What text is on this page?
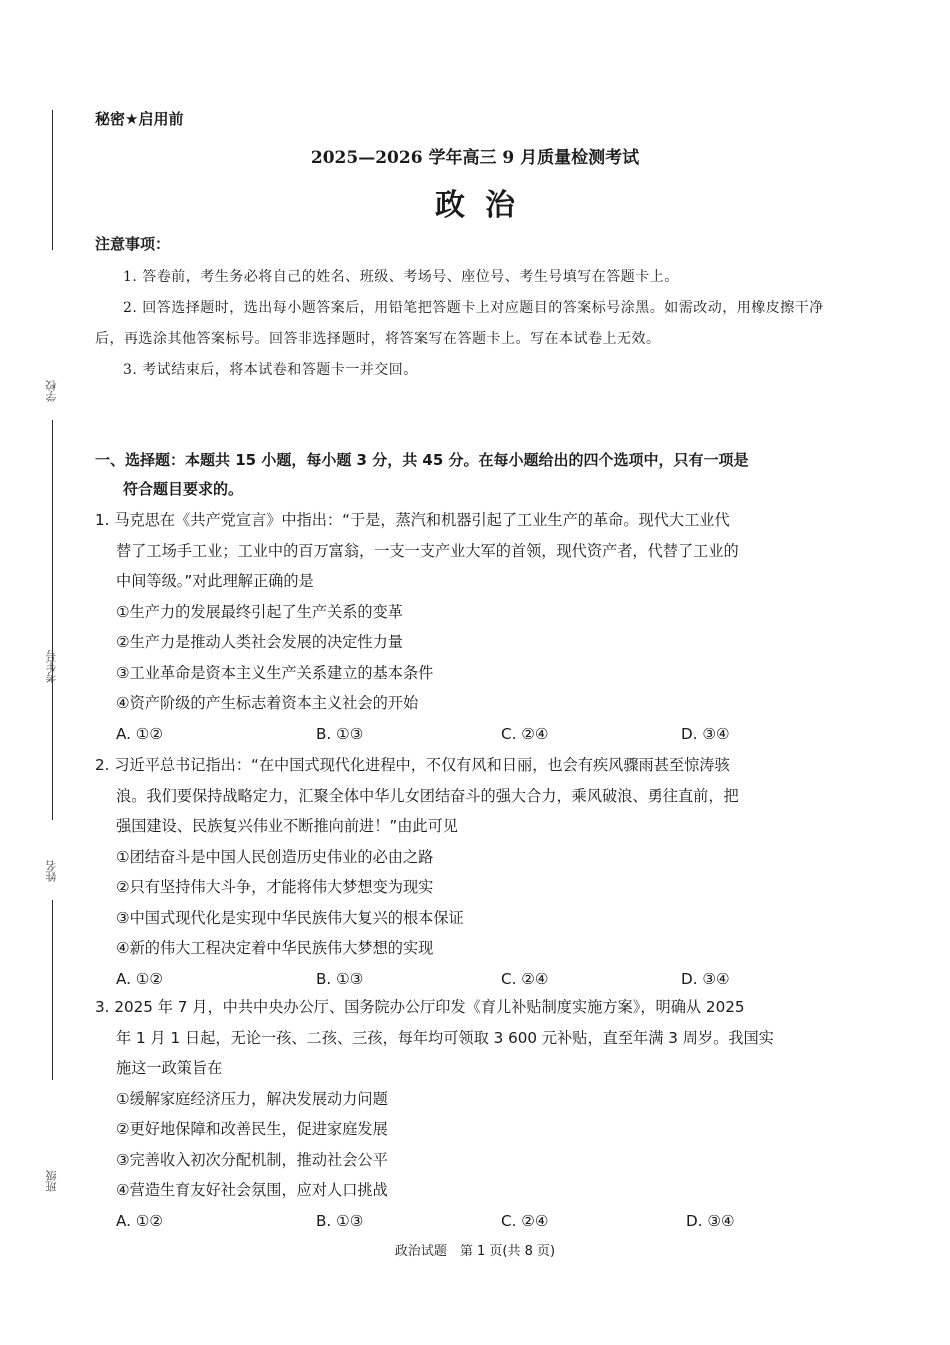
学校
考生号
姓名
班级
秘密★启用前
2025—2026 学年高三 9 月质量检测考试
政治
注意事项：

1. 答卷前，考生务必将自己的姓名、班级、考场号、座位号、考生号填写在答题卡上。

2. 回答选择题时，选出每小题答案后，用铅笔把答题卡上对应题目的答案标号涂黑。如需改动，用橡皮擦干净后，再选涂其他答案标号。回答非选择题时，将答案写在答题卡上。写在本试卷上无效。

3. 考试结束后，将本试卷和答题卡一并交回。

一、选择题：本题共 15 小题，每小题 3 分，共 45 分。在每小题给出的四个选项中，只有一项是
符合题目要求的。

1. 马克思在《共产党宣言》中指出：“于是，蒸汽和机器引起了工业生产的革命。现代大工业代

替了工场手工业；工业中的百万富翁，一支一支产业大军的首领，现代资产者，代替了工业的

中间等级。”对此理解正确的是

①生产力的发展最终引起了生产关系的变革

②生产力是推动人类社会发展的决定性力量

③工业革命是资本主义生产关系建立的基本条件

④资产阶级的产生标志着资本主义社会的开始

A. ①②	B. ①③	C. ②④	D. ③④

2. 习近平总书记指出：“在中国式现代化进程中，不仅有风和日丽，也会有疾风骤雨甚至惊涛骇

浪。我们要保持战略定力，汇聚全体中华儿女团结奋斗的强大合力，乘风破浪、勇往直前，把

强国建设、民族复兴伟业不断推向前进！”由此可见

①团结奋斗是中国人民创造历史伟业的必由之路

②只有坚持伟大斗争，才能将伟大梦想变为现实

③中国式现代化是实现中华民族伟大复兴的根本保证

④新的伟大工程决定着中华民族伟大梦想的实现

A. ①②	B. ①③	C. ②④	D. ③④

3. 2025 年 7 月，中共中央办公厅、国务院办公厅印发《育儿补贴制度实施方案》，明确从 2025

年 1 月 1 日起，无论一孩、二孩、三孩，每年均可领取 3 600 元补贴，直至年满 3 周岁。我国实

施这一政策旨在

①缓解家庭经济压力，解决发展动力问题

②更好地保障和改善民生，促进家庭发展

③完善收入初次分配机制，推动社会公平

④营造生育友好社会氛围，应对人口挑战

A. ①②	B. ①③	C. ②④	D. ③④
政治试题　第 1 页(共 8 页)
